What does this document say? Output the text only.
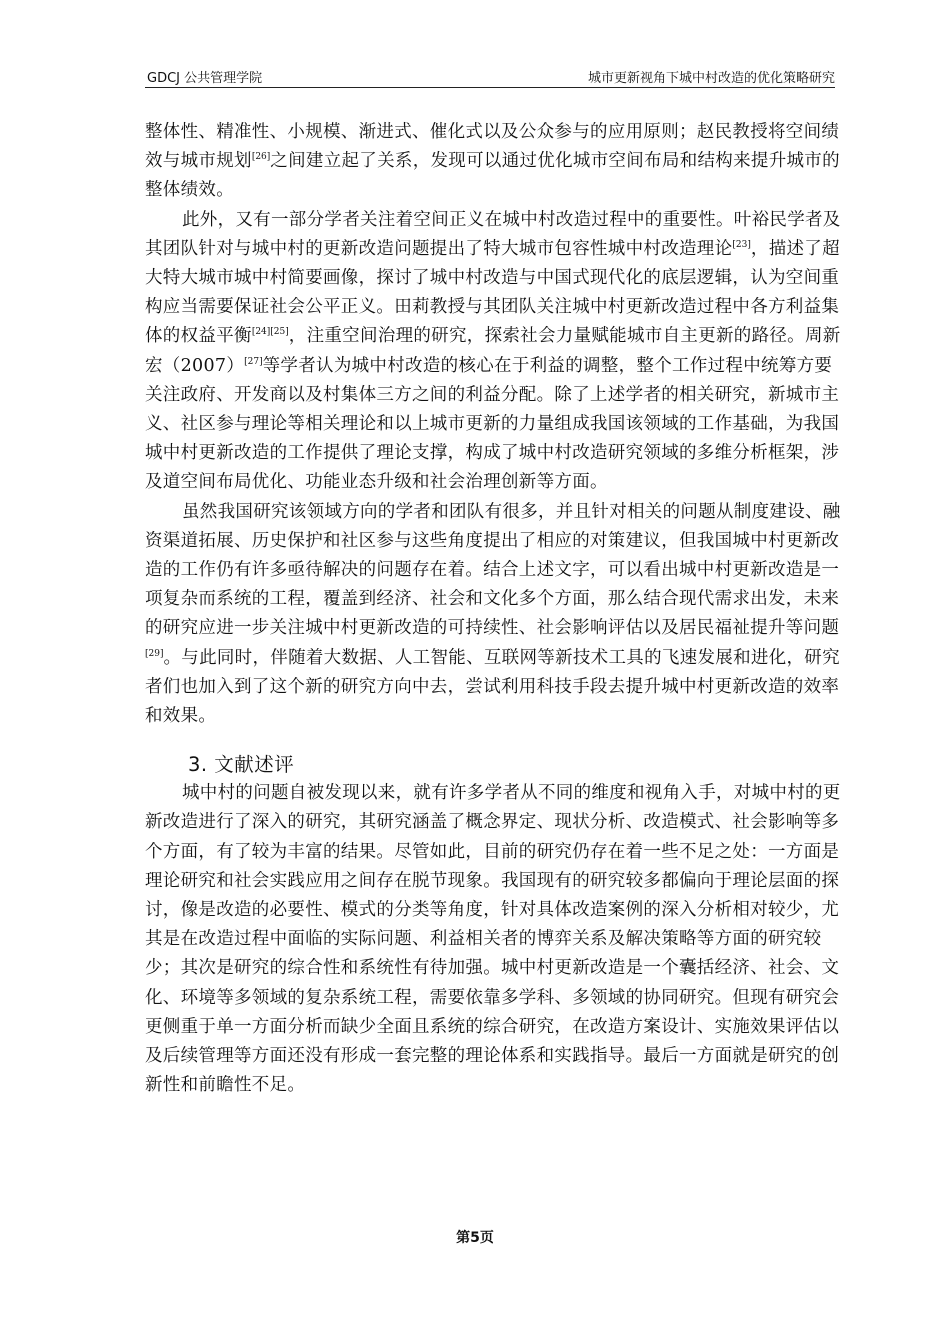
GDCJ 公共管理学院	城市更新视角下城中村改造的优化策略研究

整体性、精准性、小规模、渐进式、催化式以及公众参与的应用原则；赵民教授将空间绩效与城市规划[26]之间建立起了关系，发现可以通过优化城市空间布局和结构来提升城市的整体绩效。

此外，又有一部分学者关注着空间正义在城中村改造过程中的重要性。叶裕民学者及其团队针对与城中村的更新改造问题提出了特大城市包容性城中村改造理论[23]，描述了超大特大城市城中村简要画像，探讨了城中村改造与中国式现代化的底层逻辑，认为空间重构应当需要保证社会公平正义。田莉教授与其团队关注城中村更新改造过程中各方利益集体的权益平衡[24][25]，注重空间治理的研究，探索社会力量赋能城市自主更新的路径。周新宏（2007）[27]等学者认为城中村改造的核心在于利益的调整，整个工作过程中统筹方要关注政府、开发商以及村集体三方之间的利益分配。除了上述学者的相关研究，新城市主义、社区参与理论等相关理论和以上城市更新的力量组成我国该领域的工作基础，为我国城中村更新改造的工作提供了理论支撑，构成了城中村改造研究领域的多维分析框架，涉及道空间布局优化、功能业态升级和社会治理创新等方面。

虽然我国研究该领域方向的学者和团队有很多，并且针对相关的问题从制度建设、融资渠道拓展、历史保护和社区参与这些角度提出了相应的对策建议，但我国城中村更新改造的工作仍有许多亟待解决的问题存在着。结合上述文字，可以看出城中村更新改造是一项复杂而系统的工程，覆盖到经济、社会和文化多个方面，那么结合现代需求出发，未来的研究应进一步关注城中村更新改造的可持续性、社会影响评估以及居民福祉提升等问题[29]。与此同时，伴随着大数据、人工智能、互联网等新技术工具的飞速发展和进化，研究者们也加入到了这个新的研究方向中去，尝试利用科技手段去提升城中村更新改造的效率和效果。

3. 文献述评

城中村的问题自被发现以来，就有许多学者从不同的维度和视角入手，对城中村的更新改造进行了深入的研究，其研究涵盖了概念界定、现状分析、改造模式、社会影响等多个方面，有了较为丰富的结果。尽管如此，目前的研究仍存在着一些不足之处：一方面是理论研究和社会实践应用之间存在脱节现象。我国现有的研究较多都偏向于理论层面的探讨，像是改造的必要性、模式的分类等角度，针对具体改造案例的深入分析相对较少，尤其是在改造过程中面临的实际问题、利益相关者的博弈关系及解决策略等方面的研究较少；其次是研究的综合性和系统性有待加强。城中村更新改造是一个囊括经济、社会、文化、环境等多领域的复杂系统工程，需要依靠多学科、多领域的协同研究。但现有研究会更侧重于单一方面分析而缺少全面且系统的综合研究，在改造方案设计、实施效果评估以及后续管理等方面还没有形成一套完整的理论体系和实践指导。最后一方面就是研究的创新性和前瞻性不足。

第5页
